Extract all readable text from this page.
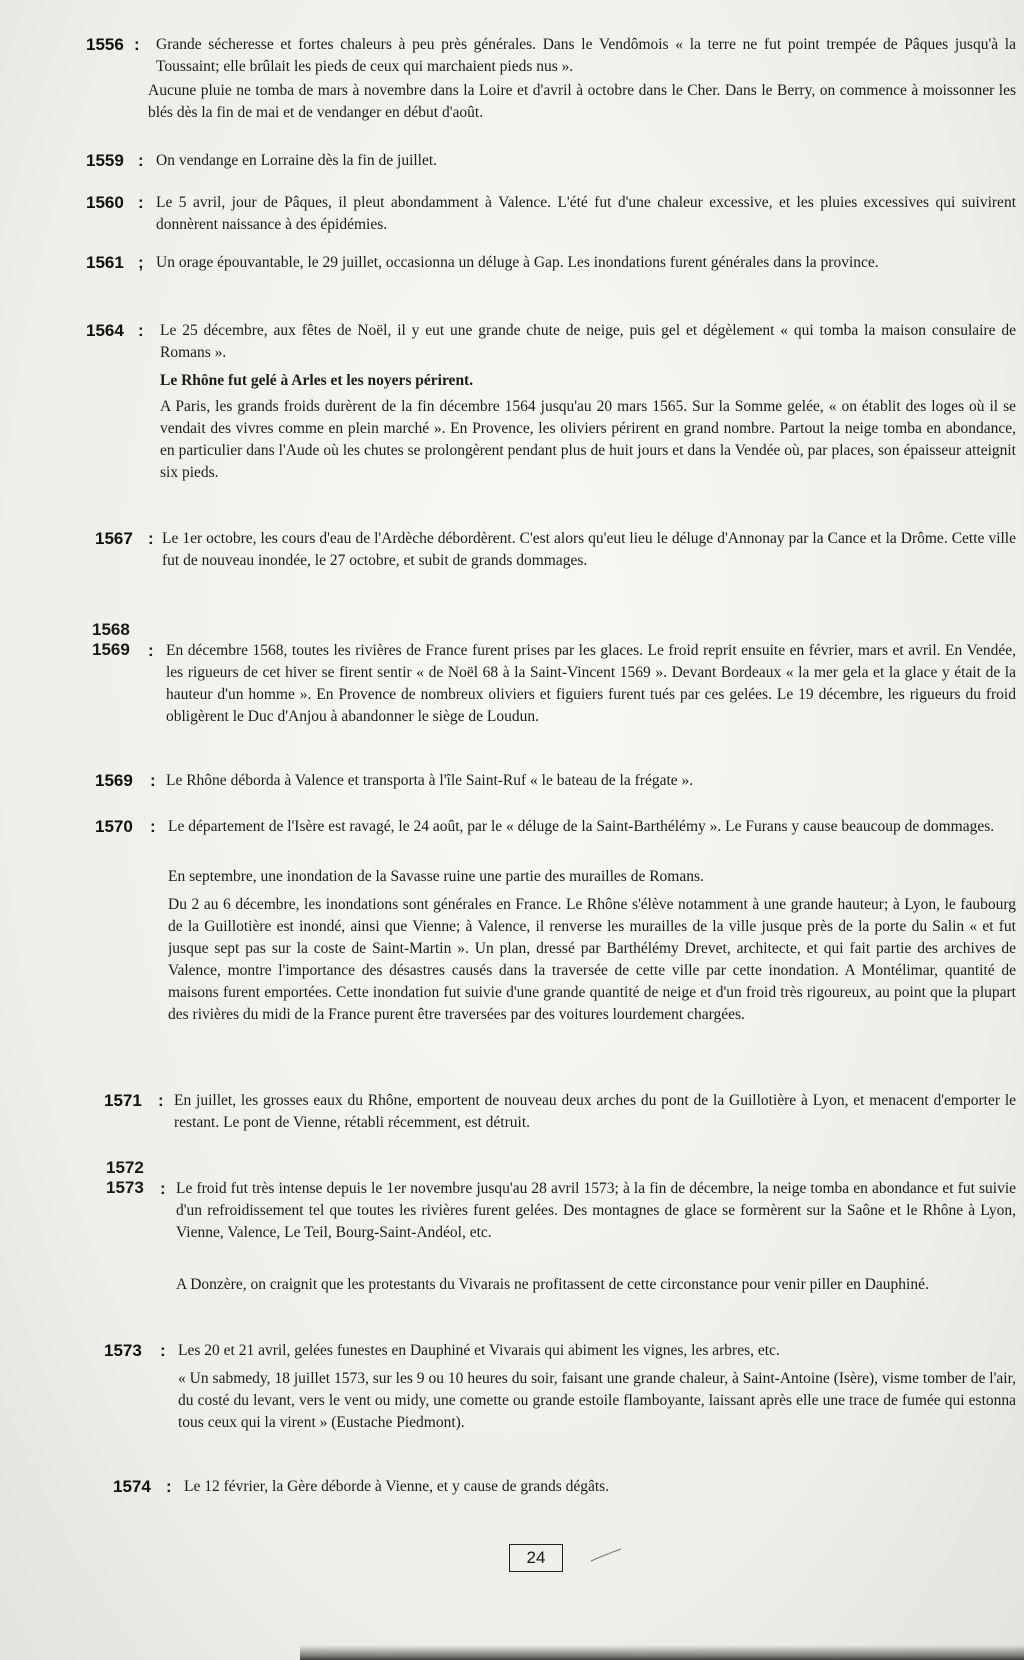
1556 :	Grande sécheresse et fortes chaleurs à peu près générales. Dans le Vendômois « la terre ne fut point trempée de Pâques jusqu'à la Toussaint; elle brûlait les pieds de ceux qui marchaient pieds nus ».
Aucune pluie ne tomba de mars à novembre dans la Loire et d'avril à octobre dans le Cher. Dans le Berry, on commence à moissonner les blés dès la fin de mai et de vendanger en début d'août.
1559 : On vendange en Lorraine dès la fin de juillet.
1560 : Le 5 avril, jour de Pâques, il pleut abondamment à Valence. L'été fut d'une chaleur excessive, et les pluies excessives qui suivirent donnèrent naissance à des épidémies.
1561 ; Un orage épouvantable, le 29 juillet, occasionna un déluge à Gap. Les inondations furent générales dans la province.
1564 :	Le 25 décembre, aux fêtes de Noël, il y eut une grande chute de neige, puis gel et dégèlement « qui tomba la maison consulaire de Romans ».
Le Rhône fut gelé à Arles et les noyers périrent.
A Paris, les grands froids durèrent de la fin décembre 1564 jusqu'au 20 mars 1565. Sur la Somme gelée, « on établit des loges où il se vendait des vivres comme en plein marché ». En Provence, les oliviers périrent en grand nombre. Partout la neige tomba en abondance, en particulier dans l'Aude où les chutes se prolongèrent pendant plus de huit jours et dans la Vendée où, par places, son épaisseur atteignit six pieds.
1567 : Le 1er octobre, les cours d'eau de l'Ardèche débordèrent. C'est alors qu'eut lieu le déluge d'Annonay par la Cance et la Drôme. Cette ville fut de nouveau inondée, le 27 octobre, et subit de grands dommages.
1568
1569	: En décembre 1568, toutes les rivières de France furent prises par les glaces. Le froid reprit ensuite en février, mars et avril. En Vendée, les rigueurs de cet hiver se firent sentir « de Noël 68 à la Saint-Vincent 1569 ». Devant Bordeaux « la mer gela et la glace y était de la hauteur d'un homme ». En Provence de nombreux oliviers et figuiers furent tués par ces gelées. Le 19 décembre, les rigueurs du froid obligèrent le Duc d'Anjou à abandonner le siège de Loudun.
1569	: Le Rhône déborda à Valence et transporta à l'île Saint-Ruf « le bateau de la frégate ».
1570	: Le département de l'Isère est ravagé, le 24 août, par le « déluge de la Saint-Barthélémy ». Le Furans y cause beaucoup de dommages.
En septembre, une inondation de la Savasse ruine une partie des murailles de Romans.
Du 2 au 6 décembre, les inondations sont générales en France. Le Rhône s'élève notamment à une grande hauteur; à Lyon, le faubourg de la Guillotière est inondé, ainsi que Vienne; à Valence, il renverse les murailles de la ville jusque près de la porte du Salin « et fut jusque sept pas sur la coste de Saint-Martin ». Un plan, dressé par Barthélémy Drevet, architecte, et qui fait partie des archives de Valence, montre l'importance des désastres causés dans la traversée de cette ville par cette inondation. A Montélimar, quantité de maisons furent emportées. Cette inondation fut suivie d'une grande quantité de neige et d'un froid très rigoureux, au point que la plupart des rivières du midi de la France purent être traversées par des voitures lourdement chargées.
1571 : En juillet, les grosses eaux du Rhône, emportent de nouveau deux arches du pont de la Guillotière à Lyon, et menacent d'emporter le restant. Le pont de Vienne, rétabli récemment, est détruit.
1572
1573 : Le froid fut très intense depuis le 1er novembre jusqu'au 28 avril 1573; à la fin de décembre, la neige tomba en abondance et fut suivie d'un refroidissement tel que toutes les rivières furent gelées. Des montagnes de glace se formèrent sur la Saône et le Rhône à Lyon, Vienne, Valence, Le Teil, Bourg-Saint-Andéol, etc.
A Donzère, on craignit que les protestants du Vivarais ne profitassent de cette circonstance pour venir piller en Dauphiné.
1573	: Les 20 et 21 avril, gelées funestes en Dauphiné et Vivarais qui abiment les vignes, les arbres, etc.
« Un sabmedy, 18 juillet 1573, sur les 9 ou 10 heures du soir, faisant une grande chaleur, à Saint-Antoine (Isère), visme tomber de l'air, du costé du levant, vers le vent ou midy, une comette ou grande estoile flamboyante, laissant après elle une trace de fumée qui estonna tous ceux qui la virent » (Eustache Piedmont).
1574 : Le 12 février, la Gère déborde à Vienne, et y cause de grands dégâts.
24
